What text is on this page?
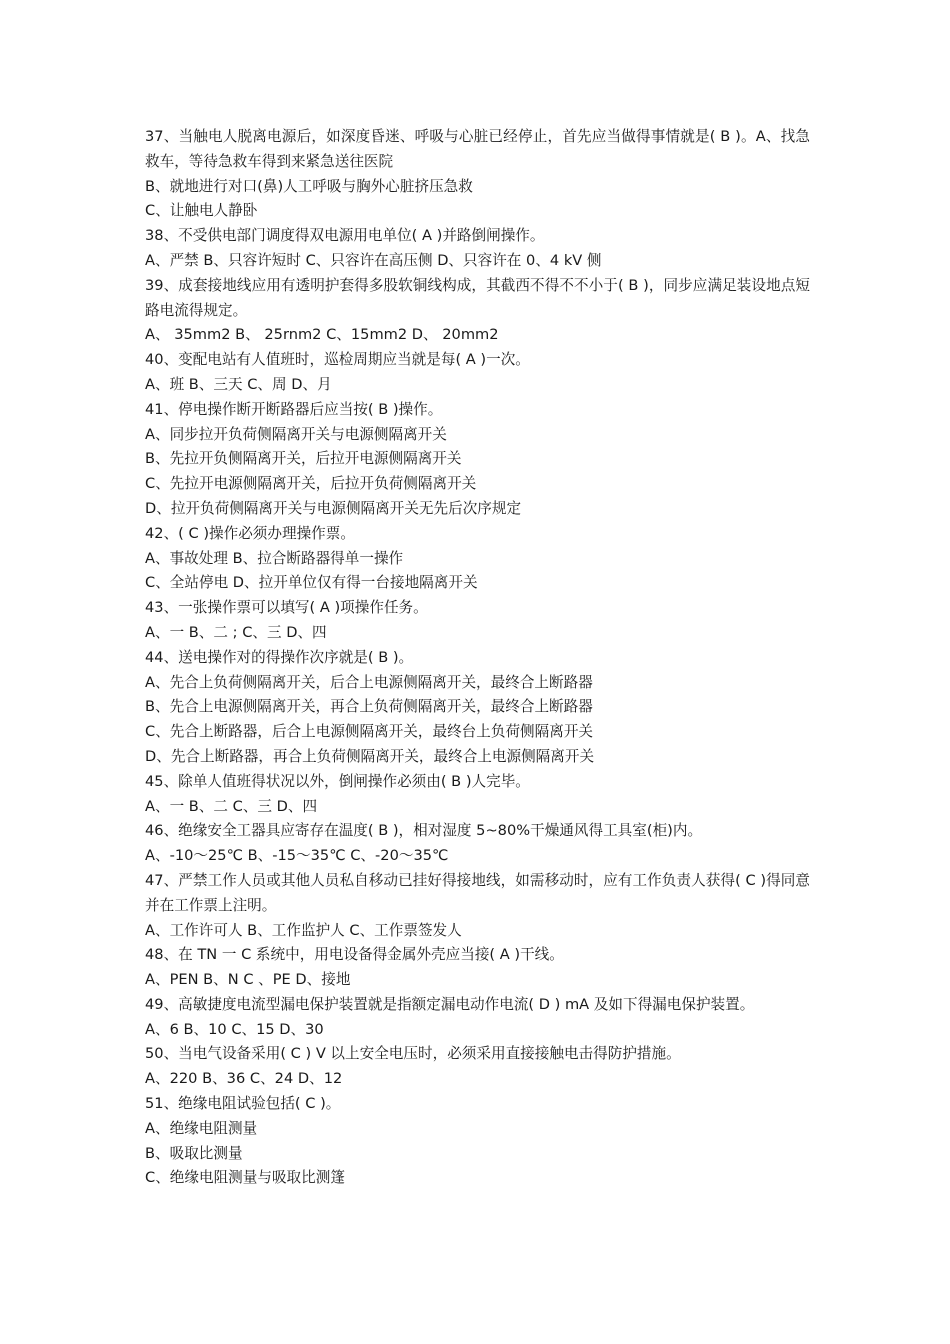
37、当触电人脱离电源后，如深度昏迷、呼吸与心脏已经停止，首先应当做得事情就是( B )。A、找急救车，等待急救车得到来紧急送往医院
B、就地进行对口(鼻)人工呼吸与胸外心脏挤压急救
C、让触电人静卧
38、不受供电部门调度得双电源用电单位( A )并路倒闸操作。
A、严禁 B、只容许短时 C、只容许在高压侧 D、只容许在 0、4 kV 侧
39、成套接地线应用有透明护套得多股软铜线构成，其截西不得不不小于( B )，同步应满足装设地点短路电流得规定。
A、 35mm2 B、 25rnm2 C、15mm2 D、 20mm2
40、变配电站有人值班时，巡检周期应当就是每( A )一次。
A、班 B、三天 C、周 D、月
41、停电操作断开断路器后应当按( B )操作。
A、同步拉开负荷侧隔离开关与电源侧隔离开关
B、先拉开负侧隔离开关，后拉开电源侧隔离开关
C、先拉开电源侧隔离开关，后拉开负荷侧隔离开关
D、拉开负荷侧隔离开关与电源侧隔离开关无先后次序规定
42、( C )操作必须办理操作票。
A、事故处理 B、拉合断路器得单一操作
C、全站停电 D、拉开单位仅有得一台接地隔离开关
43、一张操作票可以填写( A )项操作任务。
A、一 B、二 ; C、三 D、四
44、送电操作对的得操作次序就是( B )。
A、先合上负荷侧隔离开关，后合上电源侧隔离开关，最终合上断路器
B、先合上电源侧隔离开关，再合上负荷侧隔离开关，最终合上断路器
C、先合上断路器，后合上电源侧隔离开关，最终台上负荷侧隔离开关
D、先合上断路器，再合上负荷侧隔离开关，最终合上电源侧隔离开关
45、除单人值班得状况以外，倒闸操作必须由( B )人完毕。
A、一 B、二 C、三 D、四
46、绝缘安全工器具应寄存在温度( B )，相对湿度 5~80%干燥通风得工具室(柜)内。
A、-10～25℃ B、-15～35℃ C、-20～35℃
47、严禁工作人员或其他人员私自移动已挂好得接地线，如需移动时，应有工作负责人获得( C )得同意并在工作票上注明。
A、工作许可人 B、工作监护人 C、工作票签发人
48、在 TN 一 C 系统中，用电设备得金属外壳应当接( A )干线。
A、PEN B、N C 、PE D、接地
49、高敏捷度电流型漏电保护装置就是指额定漏电动作电流( D ) mA 及如下得漏电保护装置。
A、6 B、10 C、15 D、30
50、当电气设备采用( C ) V 以上安全电压时，必须采用直接接触电击得防护措施。
A、220 B、36 C、24 D、12
51、绝缘电阻试验包括( C )。
A、绝缘电阻测量
B、吸取比测量
C、绝缘电阻测量与吸取比测篷
